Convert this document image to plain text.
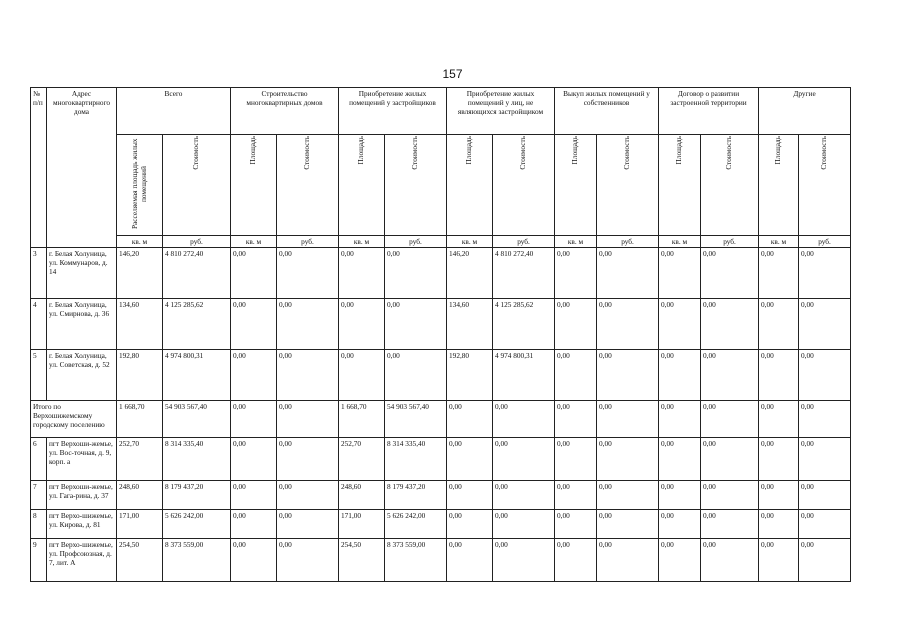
157
№ п/п	Адрес многоквартирного дома	Всего		Строительство многоквартирных домов		Приобретение жилых помещений у застройщиков		Приобретение жилых помещений у лиц, не являющихся застройщиком		Выкуп жилых помещений у собственников		Договор о развитии застроенной территории		Другие	
		Расселяемая площадь жилых помещений	Стоимость	Площадь	Стоимость	Площадь	Стоимость	Площадь	Стоимость	Площадь	Стоимость	Площадь	Стоимость	Площадь	Стоимость
		кв. м	руб.	кв. м	руб.	кв. м	руб.	кв. м	руб.	кв. м	руб.	кв. м	руб.	кв. м	руб.
3	г. Белая Холуница, ул. Коммунаров, д. 14	146,20	4 810 272,40	0,00	0,00	0,00	0,00	146,20	4 810 272,40	0,00	0,00	0,00	0,00	0,00	0,00
4	г. Белая Холуница, ул. Смирнова, д. 36	134,60	4 125 285,62	0,00	0,00	0,00	0,00	134,60	4 125 285,62	0,00	0,00	0,00	0,00	0,00	0,00
5	г. Белая Холуница, ул. Советская, д. 52	192,80	4 974 800,31	0,00	0,00	0,00	0,00	192,80	4 974 800,31	0,00	0,00	0,00	0,00	0,00	0,00
Итого по Верхошижемскому городскому поселению		1 668,70	54 903 567,40	0,00	0,00	1 668,70	54 903 567,40	0,00	0,00	0,00	0,00	0,00	0,00	0,00	0,00
6	пгт Верхоши-жемье, ул. Вос-точная, д. 9, корп. а	252,70	8 314 335,40	0,00	0,00	252,70	8 314 335,40	0,00	0,00	0,00	0,00	0,00	0,00	0,00	0,00
7	пгт Верхоши-жемье, ул. Гага-рина, д. 37	248,60	8 179 437,20	0,00	0,00	248,60	8 179 437,20	0,00	0,00	0,00	0,00	0,00	0,00	0,00	0,00
8	пгт Верхо-шижемье, ул. Кирова, д. 81	171,00	5 626 242,00	0,00	0,00	171,00	5 626 242,00	0,00	0,00	0,00	0,00	0,00	0,00	0,00	0,00
9	пгт Верхо-шижемье, ул. Профсоюзная, д. 7, лит. А	254,50	8 373 559,00	0,00	0,00	254,50	8 373 559,00	0,00	0,00	0,00	0,00	0,00	0,00	0,00	0,00
